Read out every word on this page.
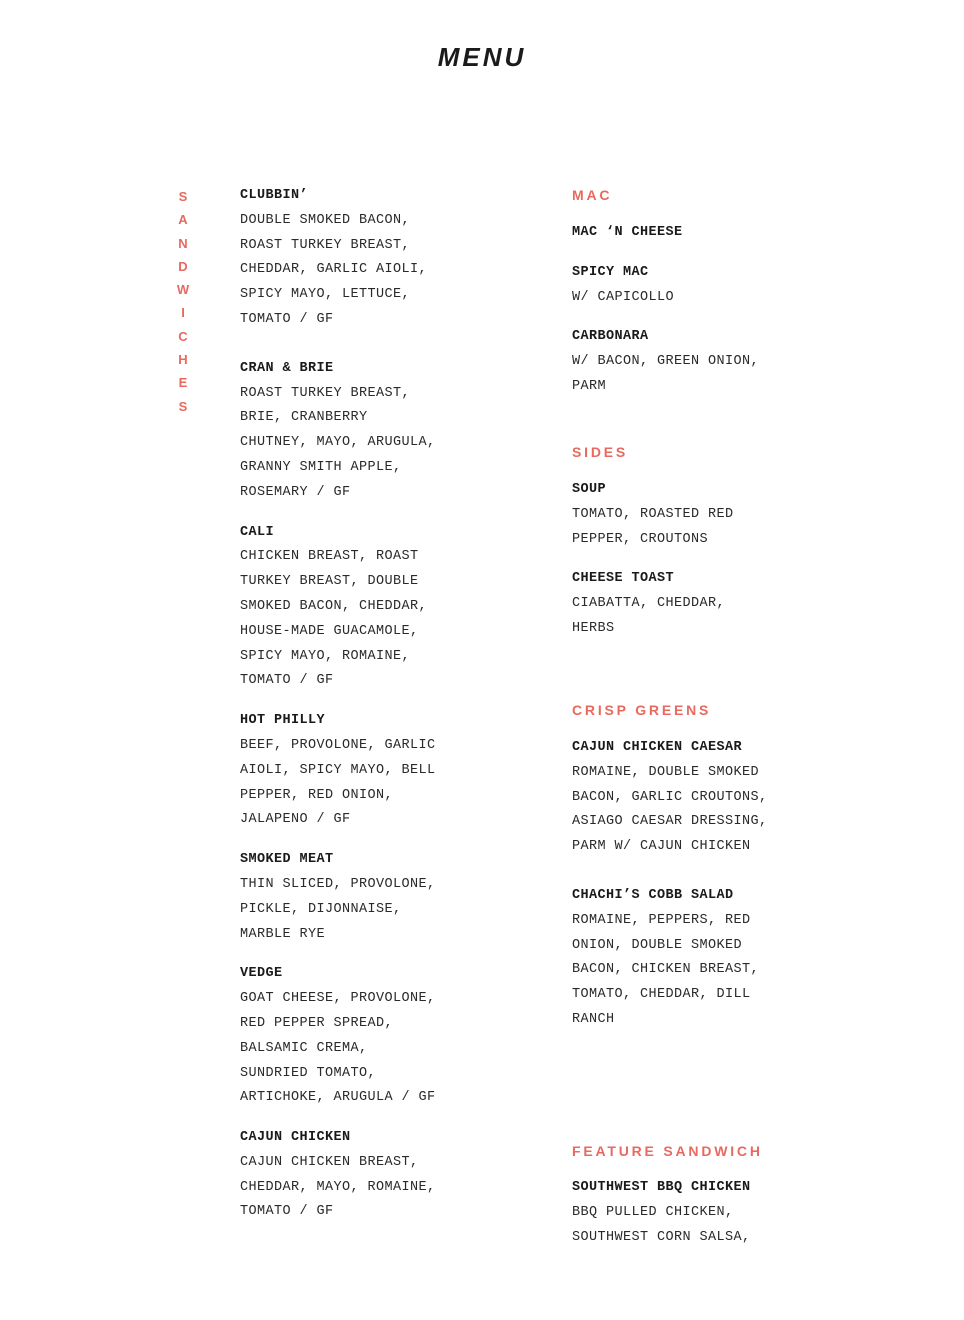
MENU
S
A
N
D
W
I
C
H
E
S
CLUBBIN’
DOUBLE SMOKED BACON,
ROAST TURKEY BREAST,
CHEDDAR, GARLIC AIOLI,
SPICY MAYO, LETTUCE,
TOMATO / GF
CRAN & BRIE
ROAST TURKEY BREAST,
BRIE, CRANBERRY
CHUTNEY, MAYO, ARUGULA,
GRANNY SMITH APPLE,
ROSEMARY / GF
CALI
CHICKEN BREAST, ROAST
TURKEY BREAST, DOUBLE
SMOKED BACON, CHEDDAR,
HOUSE-MADE GUACAMOLE,
SPICY MAYO, ROMAINE,
TOMATO / GF
HOT PHILLY
BEEF, PROVOLONE, GARLIC
AIOLI, SPICY MAYO, BELL
PEPPER, RED ONION,
JALAPENO / GF
SMOKED MEAT
THIN SLICED, PROVOLONE,
PICKLE, DIJONNAISE,
MARBLE RYE
VEDGE
GOAT CHEESE, PROVOLONE,
RED PEPPER SPREAD,
BALSAMIC CREMA,
SUNDRIED TOMATO,
ARTICHOKE, ARUGULA / GF
CAJUN CHICKEN
CAJUN CHICKEN BREAST,
CHEDDAR, MAYO, ROMAINE,
TOMATO / GF
MAC
MAC ‘N CHEESE
SPICY MAC
W/ CAPICOLLO
CARBONARA
W/ BACON, GREEN ONION,
PARM
SIDES
SOUP
TOMATO, ROASTED RED
PEPPER, CROUTONS
CHEESE TOAST
CIABATTA, CHEDDAR,
HERBS
CRISP GREENS
CAJUN CHICKEN CAESAR
ROMAINE, DOUBLE SMOKED
BACON, GARLIC CROUTONS,
ASIAGO CAESAR DRESSING,
PARM W/ CAJUN CHICKEN
CHACHI’S COBB SALAD
ROMAINE, PEPPERS, RED
ONION, DOUBLE SMOKED
BACON, CHICKEN BREAST,
TOMATO, CHEDDAR, DILL
RANCH
FEATURE SANDWICH
SOUTHWEST BBQ CHICKEN
BBQ PULLED CHICKEN,
SOUTHWEST CORN SALSA,
